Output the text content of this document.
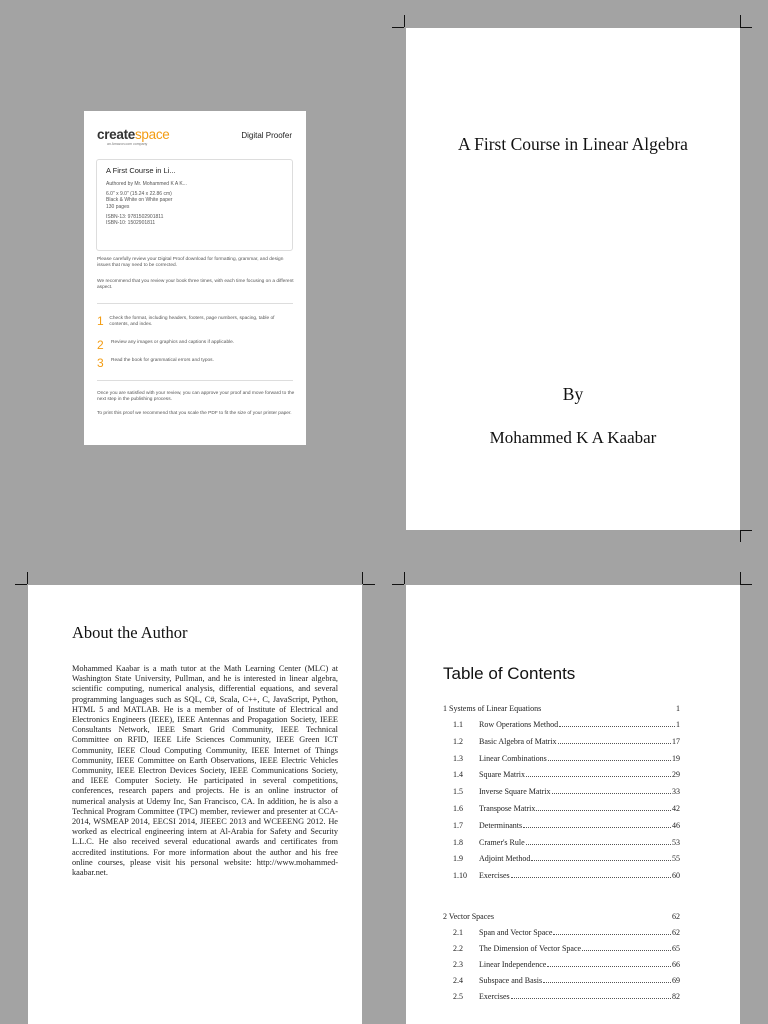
createspace
an Amazon.com company
Digital Proofer
A First Course in Li...
Authored by Mr. Mohammed K A K...
6.0" x 9.0" (15.24 x 22.86 cm)
Black & White on White paper
130 pages
ISBN-13: 9781502901811
ISBN-10: 1502901811
Please carefully review your Digital Proof download for formatting, grammar, and design issues that may need to be corrected.
We recommend that you review your book three times, with each time focusing on a different aspect.
1	Check the format, including headers, footers, page numbers, spacing, table of contents, and index.
2	Review any images or graphics and captions if applicable.
3	Read the book for grammatical errors and typos.
Once you are satisfied with your review, you can approve your proof and move forward to the next step in the publishing process.
To print this proof we recommend that you scale the PDF to fit the size of your printer paper.
A First Course in Linear Algebra
By
Mohammed K A Kaabar
About the Author
Mohammed Kaabar is a math tutor at the Math Learning Center (MLC) at Washington State University, Pullman, and he is interested in linear algebra, scientific computing, numerical analysis, differential equations, and several programming languages such as SQL, C#, Scala, C++, C, JavaScript, Python, HTML 5 and MATLAB. He is a member of of Institute of Electrical and Electronics Engineers (IEEE), IEEE Antennas and Propagation Society, IEEE Consultants Network, IEEE Smart Grid Community, IEEE Technical Committee on RFID, IEEE Life Sciences Community, IEEE Green ICT Community, IEEE Cloud Computing Community, IEEE Internet of Things Community, IEEE Committee on Earth Observations, IEEE Electric Vehicles Community, IEEE Electron Devices Society, IEEE Communications Society, and IEEE Computer Society. He participated in several competitions, conferences, research papers and projects. He is an online instructor of numerical analysis at Udemy Inc, San Francisco, CA. In addition, he is also a Technical Program Committee (TPC) member, reviewer and presenter at CCA-2014, WSMEAP 2014, EECSI 2014, JIEEEC 2013 and WCEEENG 2012. He worked as electrical engineering intern at Al-Arabia for Safety and Security L.L.C. He also received several educational awards and certificates from accredited institutions. For more information about the author and his free online courses, please visit his personal website: http://www.mohammed-kaabar.net.
Table of Contents
1 Systems of Linear Equations	1
1.1	Row Operations Method	1
1.2	Basic Algebra of Matrix	17
1.3	Linear Combinations	19
1.4	Square Matrix	29
1.5	Inverse Square Matrix	33
1.6	Transpose Matrix	42
1.7	Determinants	46
1.8	Cramer's Rule	53
1.9	Adjoint Method	55
1.10	Exercises	60
2 Vector Spaces	62
2.1	Span and Vector Space	62
2.2	The Dimension of Vector Space	65
2.3	Linear Independence	66
2.4	Subspace and Basis	69
2.5	Exercises	82
